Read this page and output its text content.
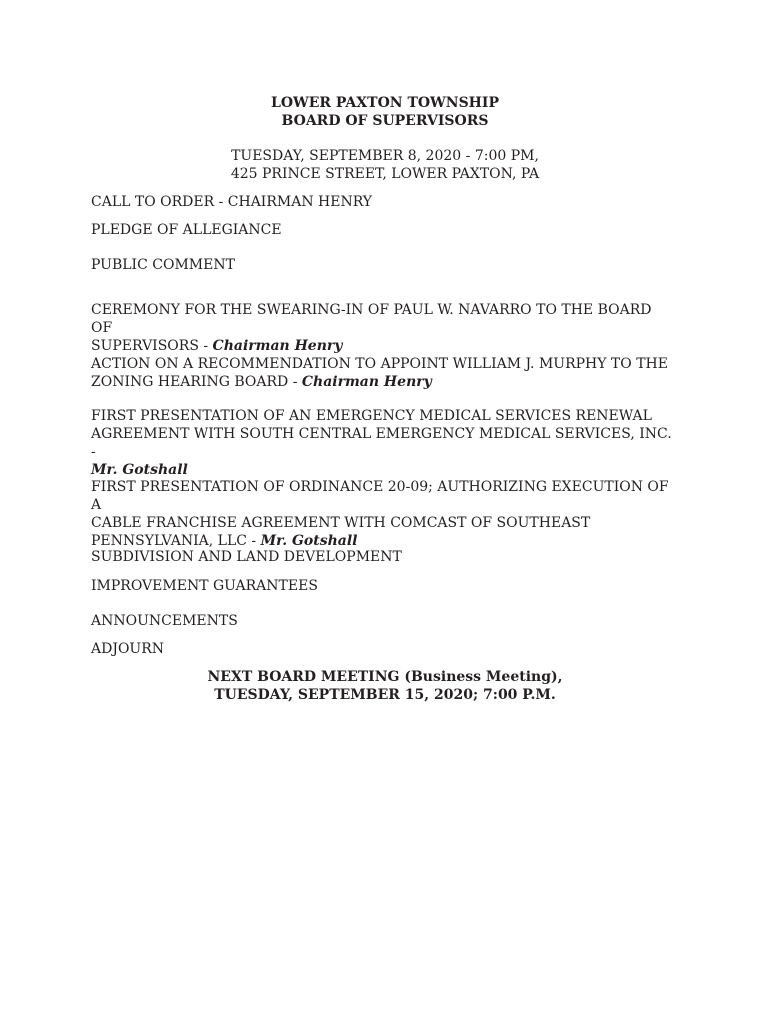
LOWER PAXTON TOWNSHIP
BOARD OF SUPERVISORS
TUESDAY, SEPTEMBER 8, 2020 - 7:00 PM,
425 PRINCE STREET, LOWER PAXTON, PA
CALL TO ORDER - CHAIRMAN HENRY
PLEDGE OF ALLEGIANCE
PUBLIC COMMENT
CEREMONY FOR THE SWEARING-IN OF PAUL W. NAVARRO TO THE BOARD OF
SUPERVISORS - Chairman Henry
ACTION ON A RECOMMENDATION TO APPOINT WILLIAM J. MURPHY TO THE
ZONING HEARING BOARD - Chairman Henry
FIRST PRESENTATION OF AN EMERGENCY MEDICAL SERVICES RENEWAL
AGREEMENT WITH SOUTH CENTRAL EMERGENCY MEDICAL SERVICES, INC. -
Mr. Gotshall
FIRST PRESENTATION OF ORDINANCE 20-09; AUTHORIZING EXECUTION OF A
CABLE FRANCHISE AGREEMENT WITH COMCAST OF SOUTHEAST
PENNSYLVANIA, LLC - Mr. Gotshall
SUBDIVISION AND LAND DEVELOPMENT
IMPROVEMENT GUARANTEES
ANNOUNCEMENTS
ADJOURN
NEXT BOARD MEETING (Business Meeting),
TUESDAY, SEPTEMBER 15, 2020; 7:00 P.M.
